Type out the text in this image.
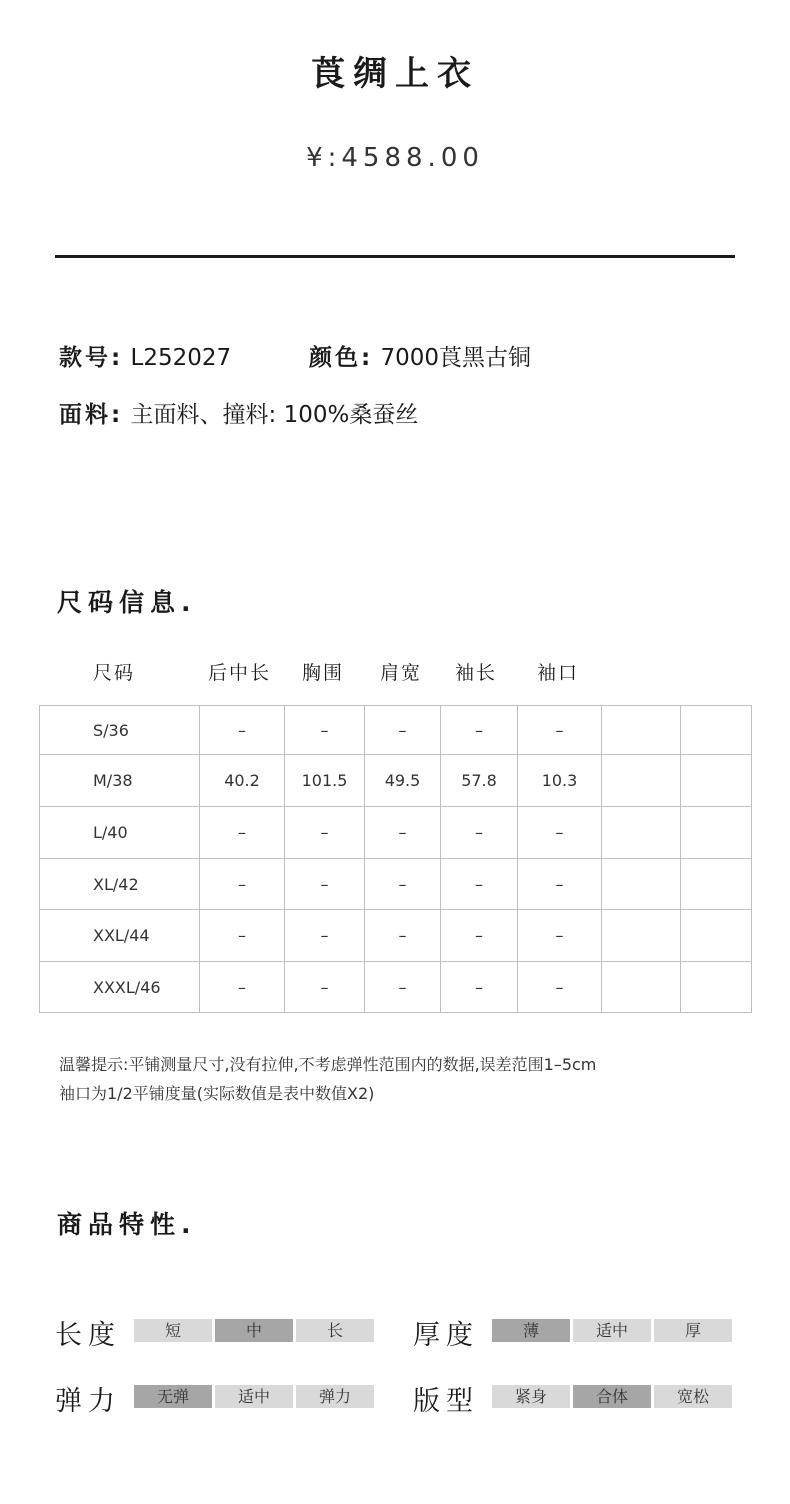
莨绸上衣
¥:4588.00
款号: L252027	颜色: 7000莨黑古铜
面料: 主面料、撞料: 100%桑蚕丝
尺码信息.
尺码	后中长 胸围 肩宽 袖长 袖口
S/36	–	–	–	–	–		
M/38	40.2	101.5	49.5	57.8	10.3		
L/40	–	–	–	–	–		
XL/42	–	–	–	–	–		
XXL/44	–	–	–	–	–		
XXXL/46	–	–	–	–	–		
温馨提示:平铺测量尺寸,没有拉伸,不考虑弹性范围内的数据,误差范围1–5cm
袖口为1/2平铺度量(实际数值是表中数值X2)
商品特性.
长度	短	中	长	厚度	薄	适中	厚
弹力	无弹	适中	弹力	版型	紧身	合体	宽松
